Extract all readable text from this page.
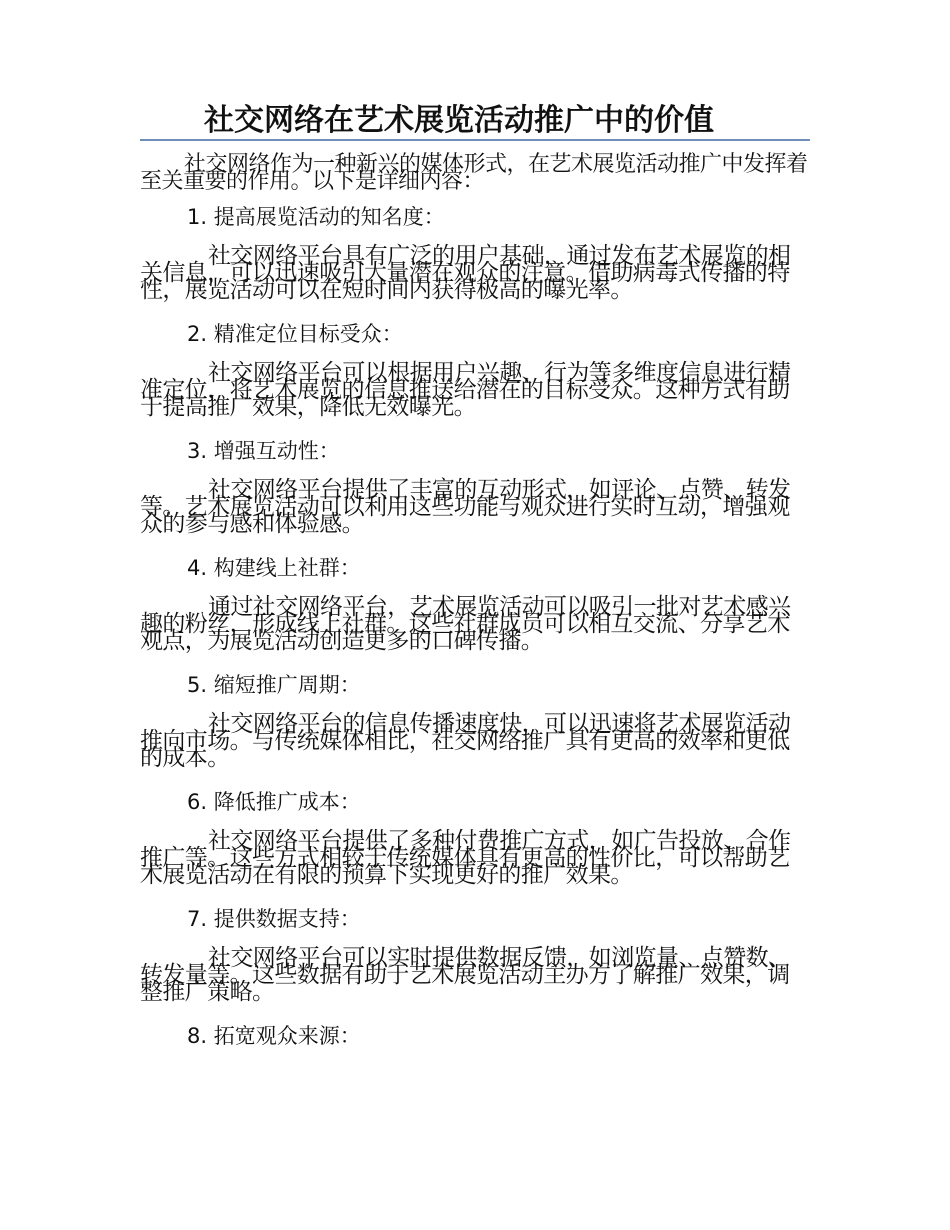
社交网络在艺术展览活动推广中的价值

社交网络作为一种新兴的媒体形式，在艺术展览活动推广中发挥着至关重要的作用。以下是详细内容：

1. 提高展览活动的知名度：

社交网络平台具有广泛的用户基础，通过发布艺术展览的相关信息，可以迅速吸引大量潜在观众的注意。借助病毒式传播的特性，展览活动可以在短时间内获得极高的曝光率。

2. 精准定位目标受众：

社交网络平台可以根据用户兴趣、行为等多维度信息进行精准定位，将艺术展览的信息推送给潜在的目标受众。这种方式有助于提高推广效果，降低无效曝光。

3. 增强互动性：

社交网络平台提供了丰富的互动形式，如评论、点赞、转发等。艺术展览活动可以利用这些功能与观众进行实时互动，增强观众的参与感和体验感。

4. 构建线上社群：

通过社交网络平台，艺术展览活动可以吸引一批对艺术感兴趣的粉丝，形成线上社群。这些社群成员可以相互交流、分享艺术观点，为展览活动创造更多的口碑传播。

5. 缩短推广周期：

社交网络平台的信息传播速度快，可以迅速将艺术展览活动推向市场。与传统媒体相比，社交网络推广具有更高的效率和更低的成本。

6. 降低推广成本：

社交网络平台提供了多种付费推广方式，如广告投放、合作推广等。这些方式相较于传统媒体具有更高的性价比，可以帮助艺术展览活动在有限的预算下实现更好的推广效果。

7. 提供数据支持：

社交网络平台可以实时提供数据反馈，如浏览量、点赞数、转发量等。这些数据有助于艺术展览活动主办方了解推广效果，调整推广策略。

8. 拓宽观众来源：
